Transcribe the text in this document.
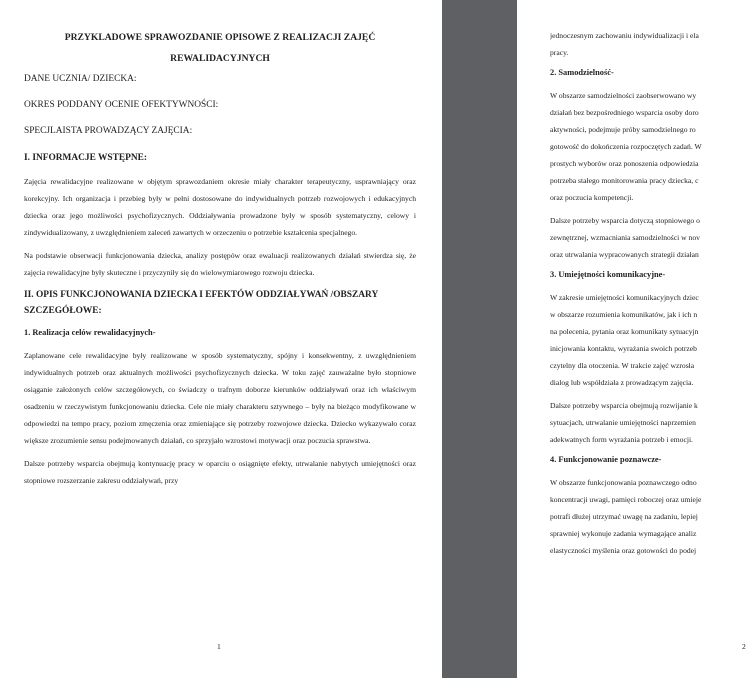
PRZYKLADOWE SPRAWOZDANIE OPISOWE Z REALIZACJI ZAJĘĆ
REWALIDACYJNYCH
DANE UCZNIA/ DZIECKA:
OKRES PODDANY OCENIE OFEKTYWNOŚCI:
SPECJLAISTA PROWADZĄCY ZAJĘCIA:
I. INFORMACJE WSTĘPNE:

Zajęcia rewalidacyjne realizowane w objętym sprawozdaniem okresie miały charakter terapeutyczny, usprawniający oraz korekcyjny. Ich organizacja i przebieg były w pełni dostosowane do indywidualnych potrzeb rozwojowych i edukacyjnych dziecka oraz jego możliwości psychofizycznych. Oddziaływania prowadzone były w sposób systematyczny, celowy i zindywidualizowany, z uwzględnieniem zaleceń zawartych w orzeczeniu o potrzebie kształcenia specjalnego.

Na podstawie obserwacji funkcjonowania dziecka, analizy postępów oraz ewaluacji realizowanych działań stwierdza się, że zajęcia rewalidacyjne były skuteczne i przyczyniły się do wielowymiarowego rozwoju dziecka.

II. OPIS FUNKCJONOWANIA DZIECKA I EFEKTÓW ODDZIAŁYWAŃ /OBSZARY SZCZEGÓŁOWE:
1. Realizacja celów rewalidacyjnych-

Zaplanowane cele rewalidacyjne były realizowane w sposób systematyczny, spójny i konsekwentny, z uwzględnieniem indywidualnych potrzeb oraz aktualnych możliwości psychofizycznych dziecka. W toku zajęć zauważalne było stopniowe osiąganie założonych celów szczegółowych, co świadczy o trafnym doborze kierunków oddziaływań oraz ich właściwym osadzeniu w rzeczywistym funkcjonowaniu dziecka. Cele nie miały charakteru sztywnego – były na bieżąco modyfikowane w odpowiedzi na tempo pracy, poziom zmęczenia oraz zmieniające się potrzeby rozwojowe dziecka. Dziecko wykazywało coraz większe zrozumienie sensu podejmowanych działań, co sprzyjało wzrostowi motywacji oraz poczucia sprawstwa.

Dalsze potrzeby wsparcia obejmują kontynuację pracy w oparciu o osiągnięte efekty, utrwalanie nabytych umiejętności oraz stopniowe rozszerzanie zakresu oddziaływań, przy

1
jednoczesnym zachowaniu indywidualizacji i ela
pracy.
2. Samodzielność-
W obszarze samodzielności zaobserwowano wy
działań bez bezpośredniego wsparcia osoby doro
aktywności, podejmuje próby samodzielnego ro
gotowość do dokończenia rozpoczętych zadań. W
prostych wyborów oraz ponoszenia odpowiedzia
potrzeba stałego monitorowania pracy dziecka, c
oraz poczucia kompetencji.
Dalsze potrzeby wsparcia dotyczą stopniowego o
zewnętrznej, wzmacniania samodzielności w nov
oraz utrwalania wypracowanych strategii działan
3. Umiejętności komunikacyjne-
W zakresie umiejętności komunikacyjnych dziec
w obszarze rozumienia komunikatów, jak i ich n
na polecenia, pytania oraz komunikaty sytuacyjn
inicjowania kontaktu, wyrażania swoich potrzeb
czytelny dla otoczenia. W trakcie zajęć wzrosła
dialog lub współdziała z prowadzącym zajęcia.
Dalsze potrzeby wsparcia obejmują rozwijanie k
sytuacjach, utrwalanie umiejętności naprzemien
adekwatnych form wyrażania potrzeb i emocji.
4. Funkcjonowanie poznawcze-
W obszarze funkcjonowania poznawczego odno
koncentracji uwagi, pamięci roboczej oraz umieje
potrafi dłużej utrzymać uwagę na zadaniu, lepiej
sprawniej wykonuje zadania wymagające analiz
elastyczności myślenia oraz gotowości do podej
2
